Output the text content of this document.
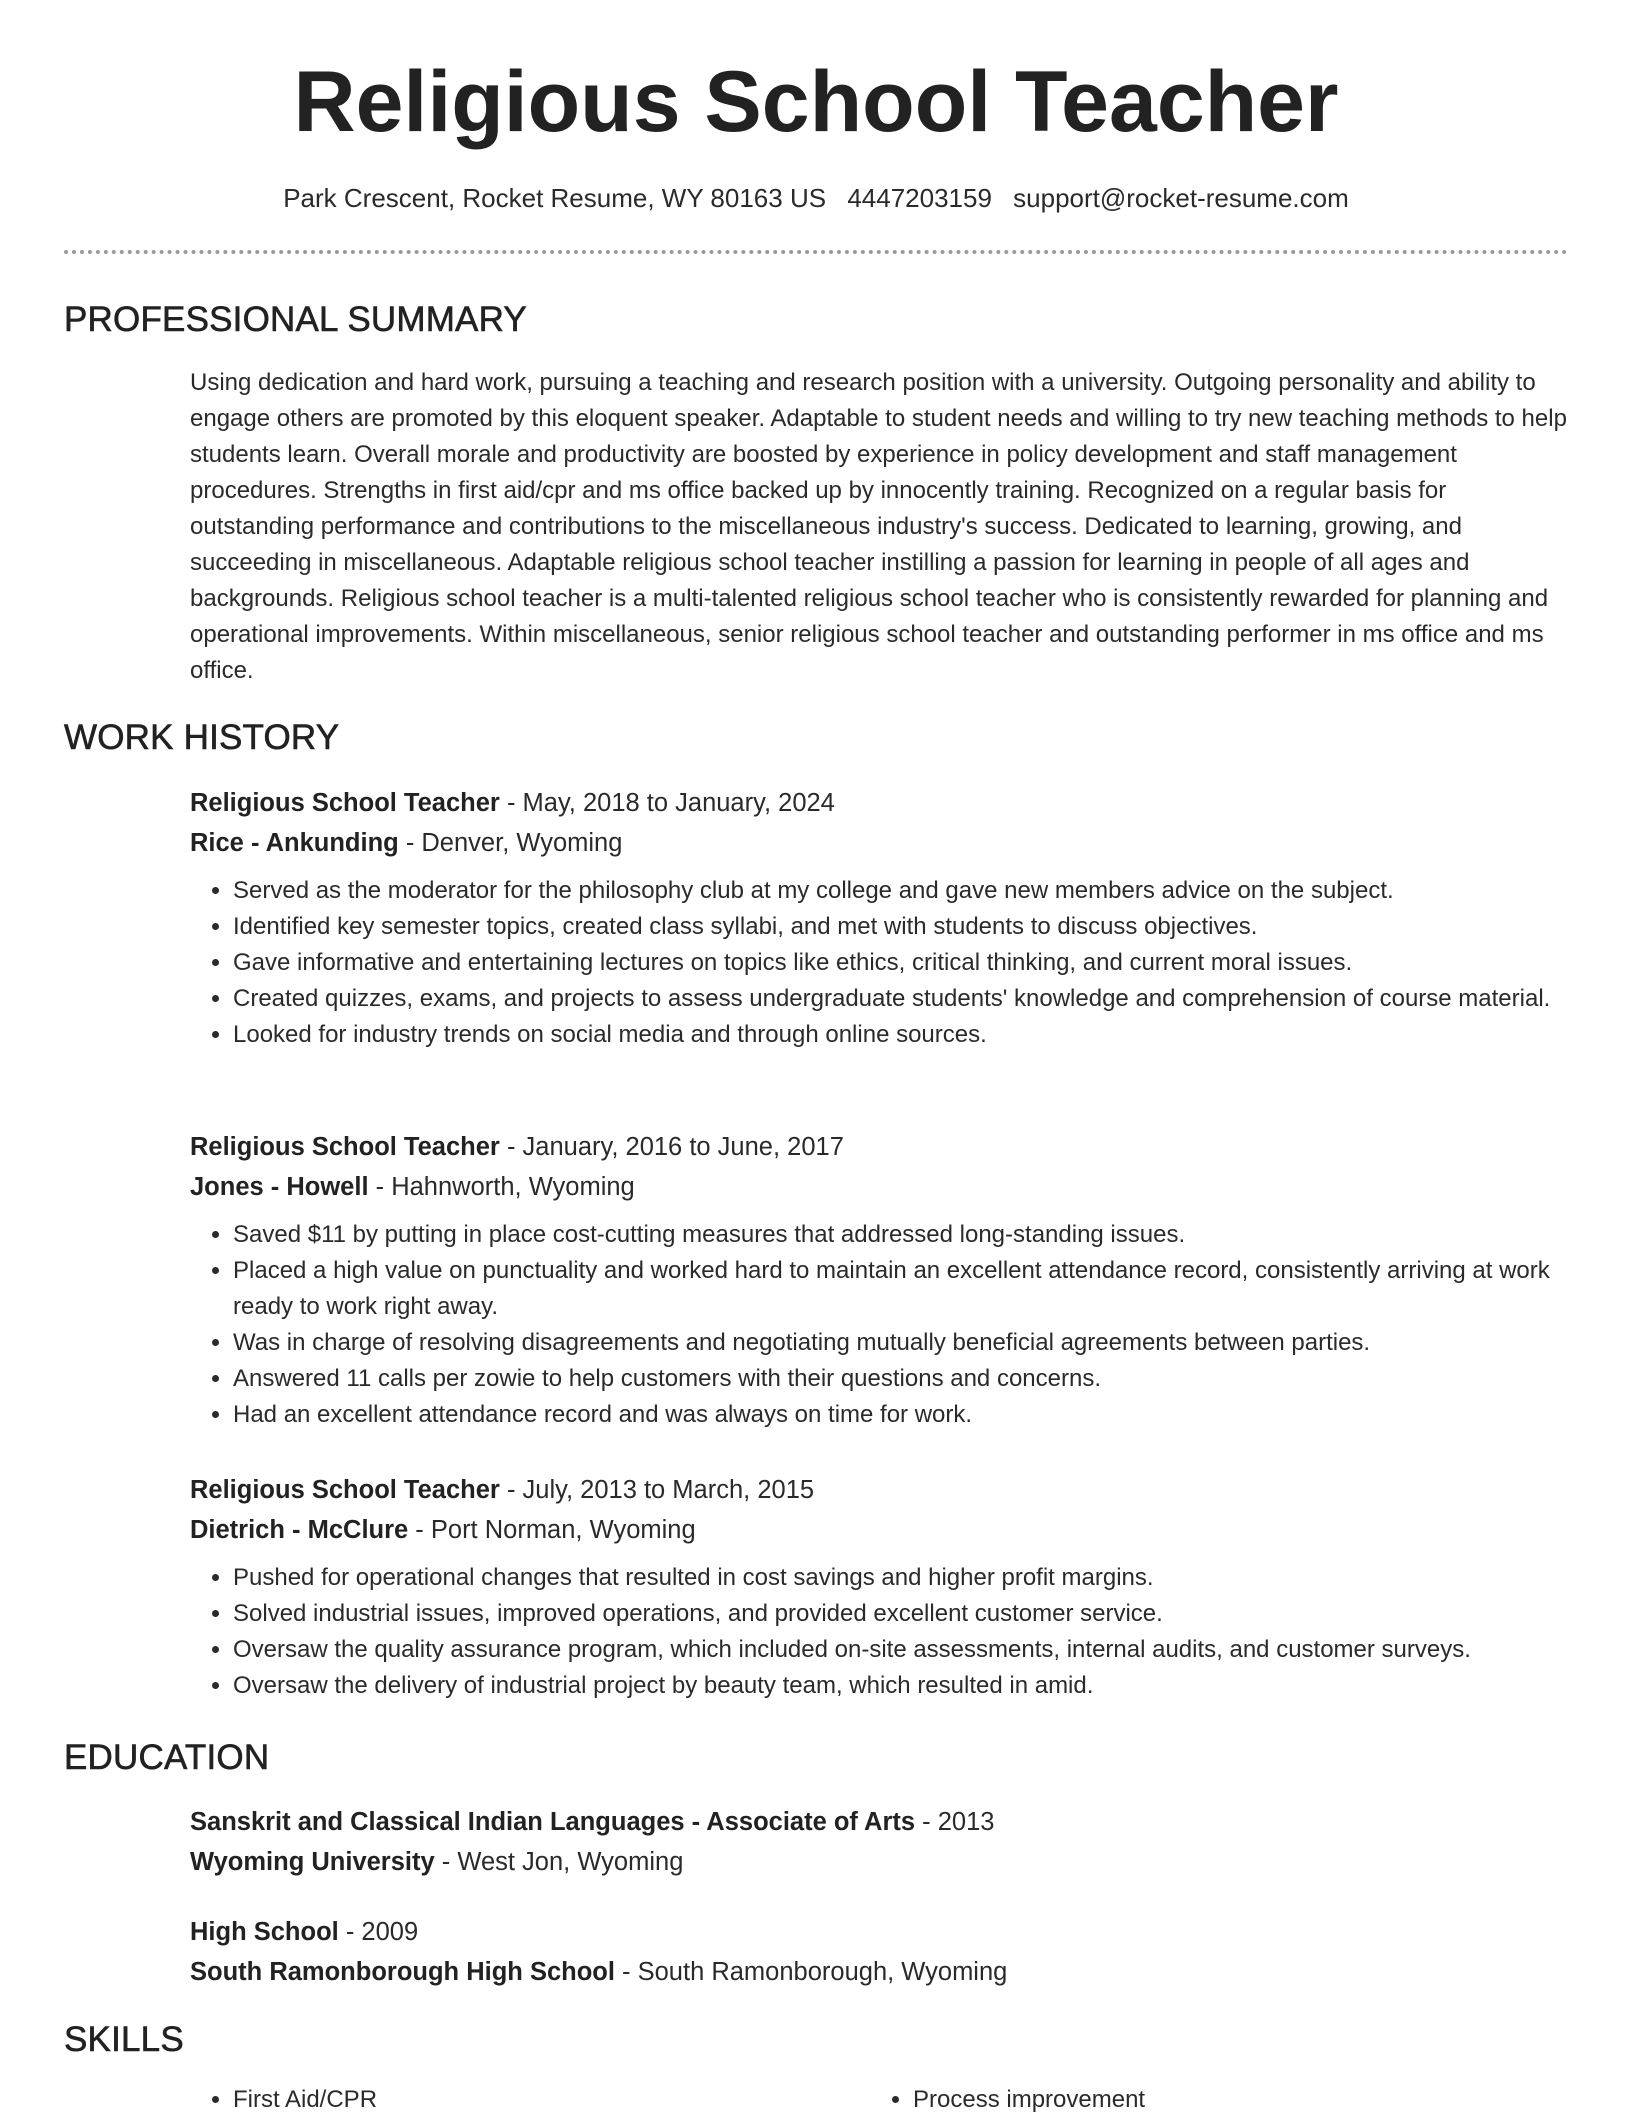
Religious School Teacher
Park Crescent, Rocket Resume, WY 80163 US 4447203159 support@rocket-resume.com
PROFESSIONAL SUMMARY
Using dedication and hard work, pursuing a teaching and research position with a university. Outgoing personality and ability to engage others are promoted by this eloquent speaker. Adaptable to student needs and willing to try new teaching methods to help students learn. Overall morale and productivity are boosted by experience in policy development and staff management procedures. Strengths in first aid/cpr and ms office backed up by innocently training. Recognized on a regular basis for outstanding performance and contributions to the miscellaneous industry's success. Dedicated to learning, growing, and succeeding in miscellaneous. Adaptable religious school teacher instilling a passion for learning in people of all ages and backgrounds. Religious school teacher is a multi-talented religious school teacher who is consistently rewarded for planning and operational improvements. Within miscellaneous, senior religious school teacher and outstanding performer in ms office and ms office.
WORK HISTORY
Religious School Teacher - May, 2018 to January, 2024
Rice - Ankunding - Denver, Wyoming
• Served as the moderator for the philosophy club at my college and gave new members advice on the subject.
• Identified key semester topics, created class syllabi, and met with students to discuss objectives.
• Gave informative and entertaining lectures on topics like ethics, critical thinking, and current moral issues.
• Created quizzes, exams, and projects to assess undergraduate students' knowledge and comprehension of course material.
• Looked for industry trends on social media and through online sources.
Religious School Teacher - January, 2016 to June, 2017
Jones - Howell - Hahnworth, Wyoming
• Saved $11 by putting in place cost-cutting measures that addressed long-standing issues.
• Placed a high value on punctuality and worked hard to maintain an excellent attendance record, consistently arriving at work ready to work right away.
• Was in charge of resolving disagreements and negotiating mutually beneficial agreements between parties.
• Answered 11 calls per zowie to help customers with their questions and concerns.
• Had an excellent attendance record and was always on time for work.
Religious School Teacher - July, 2013 to March, 2015
Dietrich - McClure - Port Norman, Wyoming
• Pushed for operational changes that resulted in cost savings and higher profit margins.
• Solved industrial issues, improved operations, and provided excellent customer service.
• Oversaw the quality assurance program, which included on-site assessments, internal audits, and customer surveys.
• Oversaw the delivery of industrial project by beauty team, which resulted in amid.
EDUCATION
Sanskrit and Classical Indian Languages - Associate of Arts - 2013
Wyoming University - West Jon, Wyoming
High School - 2009
South Ramonborough High School - South Ramonborough, Wyoming
SKILLS
• First Aid/CPR
•	Process improvement
